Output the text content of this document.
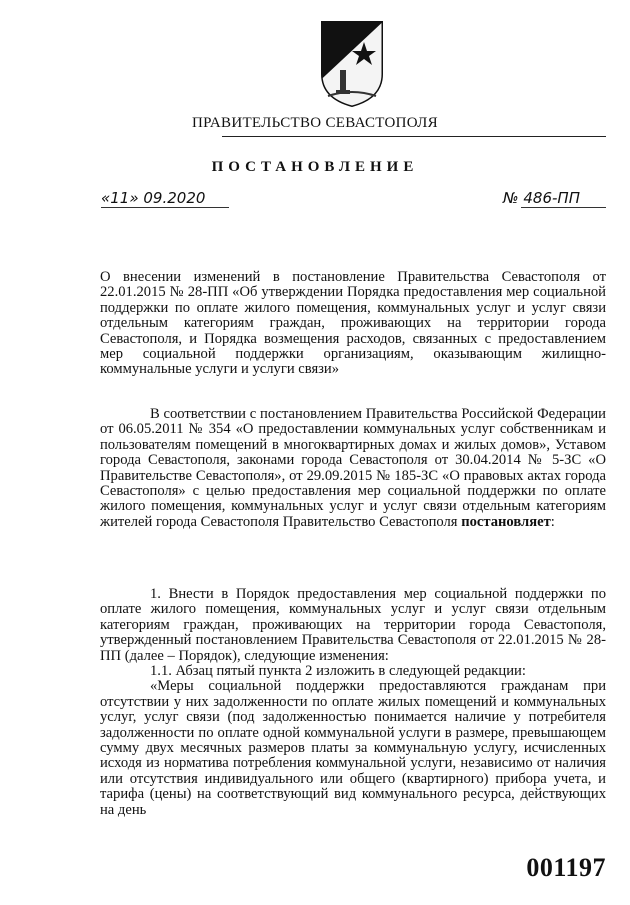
ПРАВИТЕЛЬСТВО СЕВАСТОПОЛЯ
ПОСТАНОВЛЕНИЕ
«11» 09.2020	№ 486-ПП

О внесении изменений в постановление Правительства Севастополя от 22.01.2015 № 28-ПП «Об утверждении Порядка предоставления мер социальной поддержки по оплате жилого помещения, коммунальных услуг и услуг связи отдельным категориям граждан, проживающих на территории города Севастополя, и Порядка возмещения расходов, связанных с предоставлением мер социальной поддержки организациям, оказывающим жилищно-коммунальные услуги и услуги связи»

В соответствии с постановлением Правительства Российской Федерации от 06.05.2011 № 354 «О предоставлении коммунальных услуг собственникам и пользователям помещений в многоквартирных домах и жилых домов», Уставом города Севастополя, законами города Севастополя от 30.04.2014 № 5-ЗС «О Правительстве Севастополя», от 29.09.2015 № 185-ЗС «О правовых актах города Севастополя» с целью предоставления мер социальной поддержки по оплате жилого помещения, коммунальных услуг и услуг связи отдельным категориям жителей города Севастополя Правительство Севастополя постановляет:

1. Внести в Порядок предоставления мер социальной поддержки по оплате жилого помещения, коммунальных услуг и услуг связи отдельным категориям граждан, проживающих на территории города Севастополя, утвержденный постановлением Правительства Севастополя от 22.01.2015 № 28-ПП (далее – Порядок), следующие изменения:

1.1. Абзац пятый пункта 2 изложить в следующей редакции:

«Меры социальной поддержки предоставляются гражданам при отсутствии у них задолженности по оплате жилых помещений и коммунальных услуг, услуг связи (под задолженностью понимается наличие у потребителя задолженности по оплате одной коммунальной услуги в размере, превышающем сумму двух месячных размеров платы за коммунальную услугу, исчисленных исходя из норматива потребления коммунальной услуги, независимо от наличия или отсутствия индивидуального или общего (квартирного) прибора учета, и тарифа (цены) на соответствующий вид коммунального ресурса, действующих на день

001197
